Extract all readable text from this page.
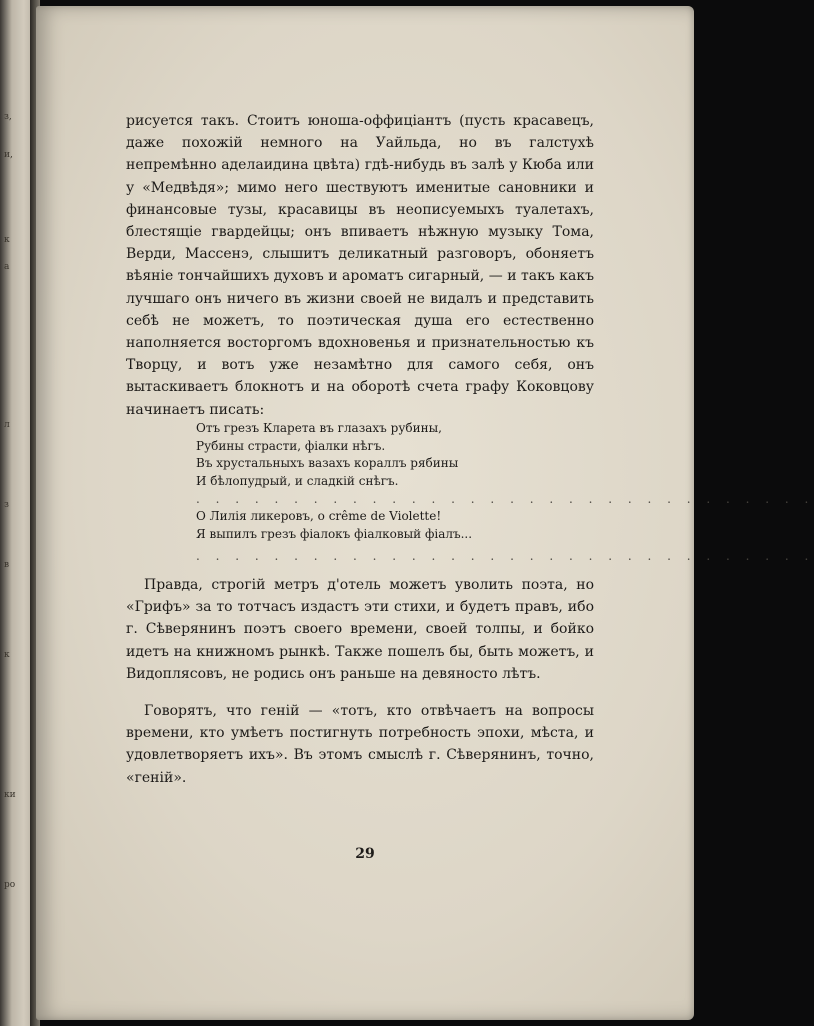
з,
и,
к
а
л
з
в
к
ки
ро

рисуется такъ. Стоитъ юноша-оффиціантъ (пусть красавецъ, даже похожій немного на Уайльда, но въ галстухѣ непремѣнно аделаидина цвѣта) гдѣ-нибудь въ залѣ у Кюба или у «Медвѣдя»; мимо него шествуютъ именитые сановники и финансовые тузы, красавицы въ неописуемыхъ туалетахъ, блестящіе гвардейцы; онъ впиваетъ нѣжную музыку Тома, Верди, Массенэ, слышитъ деликатный разговоръ, обоняетъ вѣяніе тончайшихъ духовъ и ароматъ сигарный, — и такъ какъ лучшаго онъ ничего въ жизни своей не видалъ и представить себѣ не можетъ, то поэтическая душа его естественно наполняется восторгомъ вдохновенья и признательностью къ Творцу, и вотъ уже незамѣтно для самого себя, онъ вытаскиваетъ блокнотъ и на оборотѣ счета графу Коковцову начинаетъ писать:

Отъ грезъ Кларета въ глазахъ рубины,
Рубины страсти, фіалки нѣгъ.
Въ хрустальныхъ вазахъ кораллъ рябины
И бѣлопудрый, и сладкій снѣгъ.
О Лилія ликеровъ, о crême de Violette!
Я выпилъ грезъ фіалокъ фіалковый фіалъ...
. . . . . . . . . . . . . . . . . . . . . . . . . . . . . . . .
. . . . . . . . . . . . . . . . . . . . . . . . . . . . . . . .

Правда, строгій метръ д'отель можетъ уволить поэта, но «Грифъ» за то тотчасъ издастъ эти стихи, и будетъ правъ, ибо г. Сѣверянинъ поэтъ своего времени, своей толпы, и бойко идетъ на книжномъ рынкѣ. Также пошелъ бы, быть можетъ, и Видоплясовъ, не родись онъ раньше на девяносто лѣтъ.

Говорятъ, что геній — «тотъ, кто отвѣчаетъ на вопросы времени, кто умѣетъ постигнуть потребность эпохи, мѣста, и удовлетворяетъ ихъ». Въ этомъ смыслѣ г. Сѣверянинъ, точно, «геній».

29
